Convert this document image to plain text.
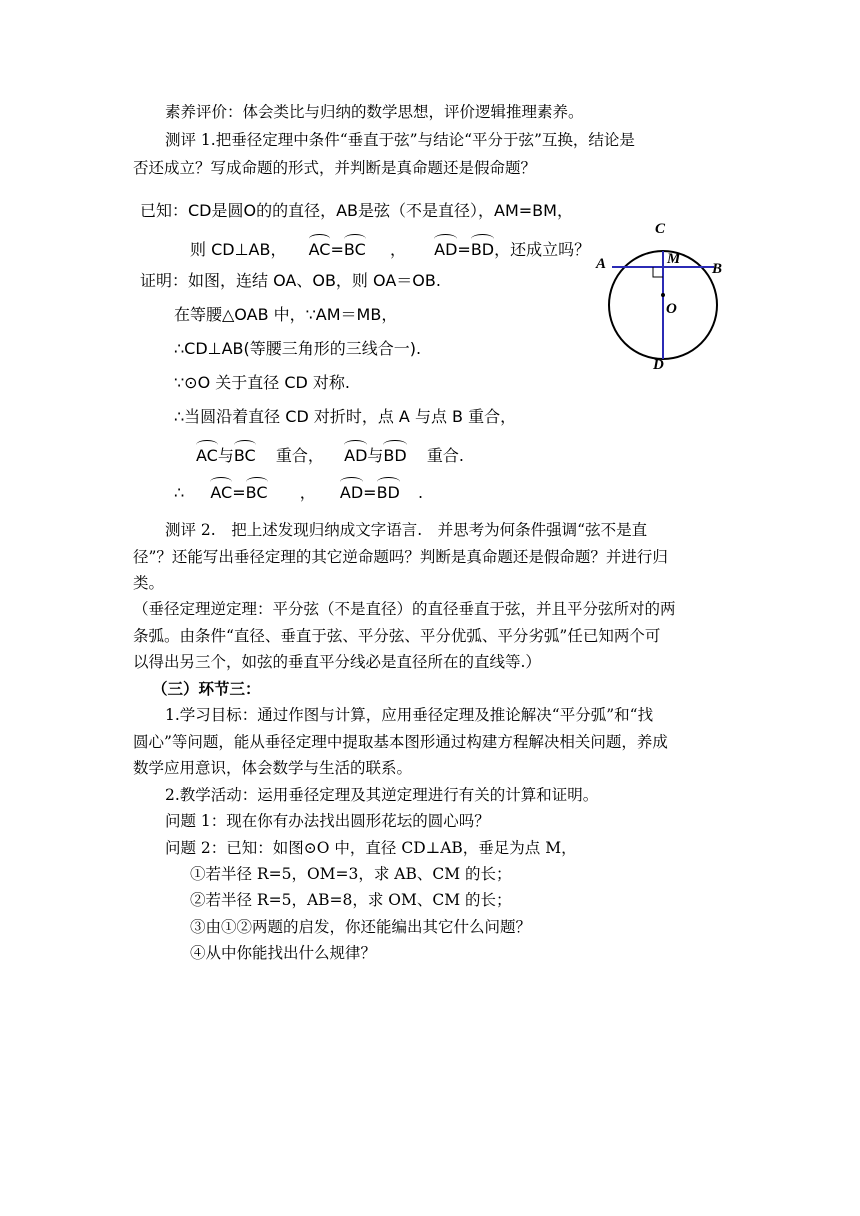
素养评价：体会类比与归纳的数学思想，评价逻辑推理素养。
测评 1.把垂径定理中条件“垂直于弦”与结论“平分于弦”互换，结论是
否还成立？写成命题的形式，并判断是真命题还是假命题？
已知：CD是圆O的的直径，AB是弦（不是直径），AM=BM，
则 CD⊥AB， AC=BC ， AD=BD，还成立吗？
证明：如图，连结 OA、OB，则 OA＝OB.
在等腰△OAB 中，∵AM＝MB，
∴CD⊥AB(等腰三角形的三线合一).
∵⊙O 关于直径 CD 对称.
∴当圆沿着直径 CD 对折时，点 A 与点 B 重合，
AC与BC 重合， AD与BD 重合.
∴ AC=BC ， AD=BD .
A	B
C
D
M
O
测评 2.　把上述发现归纳成文字语言.　并思考为何条件强调“弦不是直
径”？还能写出垂径定理的其它逆命题吗？判断是真命题还是假命题？并进行归
类。
（垂径定理逆定理：平分弦（不是直径）的直径垂直于弦，并且平分弦所对的两
条弧。由条件“直径、垂直于弦、平分弦、平分优弧、平分劣弧”任已知两个可
以得出另三个，如弦的垂直平分线必是直径所在的直线等.）
（三）环节三：
1.学习目标：通过作图与计算，应用垂径定理及推论解决“平分弧”和“找
圆心”等问题，能从垂径定理中提取基本图形通过构建方程解决相关问题，养成
数学应用意识，体会数学与生活的联系。
2.教学活动：运用垂径定理及其逆定理进行有关的计算和证明。
问题 1：现在你有办法找出圆形花坛的圆心吗？
问题 2：已知：如图⊙O 中，直径 CD⊥AB，垂足为点 M，
①若半径 R=5，OM=3，求 AB、CM 的长；
②若半径 R=5，AB=8，求 OM、CM 的长；
③由①②两题的启发，你还能编出其它什么问题？
④从中你能找出什么规律？
